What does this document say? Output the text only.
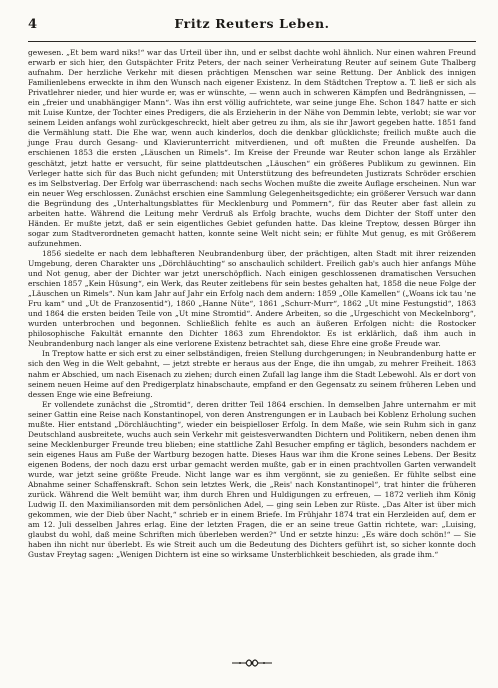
4	Fritz Reuters Leben.

gewesen. „Et bem ward niks!“ war das Urteil über ihn, und er selbst dachte wohl ähnlich. Nur einen wahren Freund erwarb er sich hier, den Gutspächter Fritz Peters, der nach seiner Verheiratung Reuter auf seinem Gute Thalberg aufnahm. Der herzliche Verkehr mit diesen prächtigen Menschen war seine Rettung. Der Anblick des innigen Familienlebens erweckte in ihm den Wunsch nach eigener Existenz. In dem Städtchen Treptow a. T. ließ er sich als Privatlehrer nieder, und hier wurde er, was er wünschte, — wenn auch in schweren Kämpfen und Bedrängnissen, — ein „freier und unabhängiger Mann“. Was ihn erst völlig aufrichtete, war seine junge Ehe. Schon 1847 hatte er sich mit Luise Kuntze, der Tochter eines Predigers, die als Erzieherin in der Nähe von Demmin lebte, verlobt; sie war vor seinem Leiden anfangs wohl zurückgeschreckt, hielt aber getreu zu ihm, als sie ihr Jawort gegeben hatte. 1851 fand die Vermählung statt. Die Ehe war, wenn auch kinderlos, doch die denkbar glücklichste; freilich mußte auch die junge Frau durch Gesang- und Klavierunterricht mitverdienen, und oft mußten die Freunde aushelfen. Da erschienen 1853 die ersten „Läuschen un Rimels“. Im Kreise der Freunde war Reuter schon lange als Erzähler geschätzt, jetzt hatte er versucht, für seine plattdeutschen „Läuschen“ ein größeres Publikum zu gewinnen. Ein Verleger hatte sich für das Buch nicht gefunden; mit Unterstützung des befreundeten Justizrats Schröder erschien es im Selbstverlag. Der Erfolg war überraschend: nach sechs Wochen mußte die zweite Auflage erscheinen. Nun war ein neuer Weg erschlossen. Zunächst erschien eine Sammlung Gelegenheitsgedichte; ein größerer Versuch war dann die Begründung des „Unterhaltungsblattes für Mecklenburg und Pommern“, für das Reuter aber fast allein zu arbeiten hatte. Während die Leitung mehr Verdruß als Erfolg brachte, wuchs dem Dichter der Stoff unter den Händen. Er mußte jetzt, daß er sein eigentliches Gebiet gefunden hatte. Das kleine Treptow, dessen Bürger ihn sogar zum Stadtverordneten gemacht hatten, konnte seine Welt nicht sein; er fühlte Mut genug, es mit Größerem aufzunehmen.

1856 siedelte er nach dem lebhafteren Neubrandenburg über, der prächtigen, alten Stadt mit ihrer reizenden Umgebung, deren Charakter uns „Dörchläuchting“ so anschaulich schildert. Freilich gab's auch hier anfangs Mühe und Not genug, aber der Dichter war jetzt unerschöpflich. Nach einigen geschlossenen dramatischen Versuchen erschien 1857 „Kein Hüsung“, ein Werk, das Reuter zeitlebens für sein bestes gehalten hat, 1858 die neue Folge der „Läuschen un Rimels“. Nun kam Jahr auf Jahr ein Erfolg nach dem andern: 1859 „Olle Kamellen“ („Woans ick tau 'ne Fru kam“ und „Ut de Franzosentid“), 1860 „Hanne Nüte“, 1861 „Schurr-Murr“, 1862 „Ut mine Festungstid“, 1863 und 1864 die ersten beiden Teile von „Ut mine Stromtid“. Andere Arbeiten, so die „Urgeschicht von Meckelnborg“, wurden unterbrochen und begonnen. Schließlich fehlte es auch an äußeren Erfolgen nicht: die Rostocker philosophische Fakultät ernannte den Dichter 1863 zum Ehrendoktor. Es ist erklärlich, daß ihm auch in Neubrandenburg nach langer als eine verlorene Existenz betrachtet sah, diese Ehre eine große Freude war.

In Treptow hatte er sich erst zu einer selbständigen, freien Stellung durchgerungen; in Neubrandenburg hatte er sich den Weg in die Welt gebahnt, — jetzt strebte er heraus aus der Enge, die ihn umgab, zu mehrer Freiheit. 1863 nahm er Abschied, um nach Eisenach zu ziehen; durch einen Zufall lag lange ihm die Stadt Lebewohl. Als er dort von seinem neuen Heime auf den Predigerplatz hinabschaute, empfand er den Gegensatz zu seinem früheren Leben und dessen Enge wie eine Befreiung.

Er vollendete zunächst die „Stromtid“, deren dritter Teil 1864 erschien. In demselben Jahre unternahm er mit seiner Gattin eine Reise nach Konstantinopel, von deren Anstrengungen er in Laubach bei Koblenz Erholung suchen mußte. Hier entstand „Dörchläuchting“, wieder ein beispielloser Erfolg. In dem Maße, wie sein Ruhm sich in ganz Deutschland ausbreitete, wuchs auch sein Verkehr mit geistesverwandten Dichtern und Politikern, neben denen ihm seine Mecklenburger Freunde treu blieben; eine stattliche Zahl Besucher empfing er täglich, besonders nachdem er sein eigenes Haus am Fuße der Wartburg bezogen hatte. Dieses Haus war ihm die Krone seines Lebens. Der Besitz eigenen Bodens, der noch dazu erst urbar gemacht werden mußte, gab er in einen prachtvollen Garten verwandelt wurde, war jetzt seine größte Freude. Nicht lange war es ihm vergönnt, sie zu genießen. Er fühlte selbst eine Abnahme seiner Schaffenskraft. Schon sein letztes Werk, die „Reis' nach Konstantinopel“, trat hinter die früheren zurück. Während die Welt bemüht war, ihm durch Ehren und Huldigungen zu erfreuen, — 1872 verlieh ihm König Ludwig II. den Maximiliansorden mit dem persönlichen Adel, — ging sein Leben zur Rüste. „Das Alter ist über mich gekommen, wie der Dieb über Nacht,“ schrieb er in einem Briefe. Im Frühjahr 1874 trat ein Herzleiden auf, dem er am 12. Juli desselben Jahres erlag. Eine der letzten Fragen, die er an seine treue Gattin richtete, war: „Luising, glaubst du wohl, daß meine Schriften mich überleben werden?“ Und er setzte hinzu: „Es wäre doch schön!“ — Sie haben ihn nicht nur überlebt. Es wie Streit auch um die Bedeutung des Dichters geführt ist, so sicher konnte doch Gustav Freytag sagen: „Wenigen Dichtern ist eine so wirksame Unsterblichkeit beschieden, als grade ihm.“
